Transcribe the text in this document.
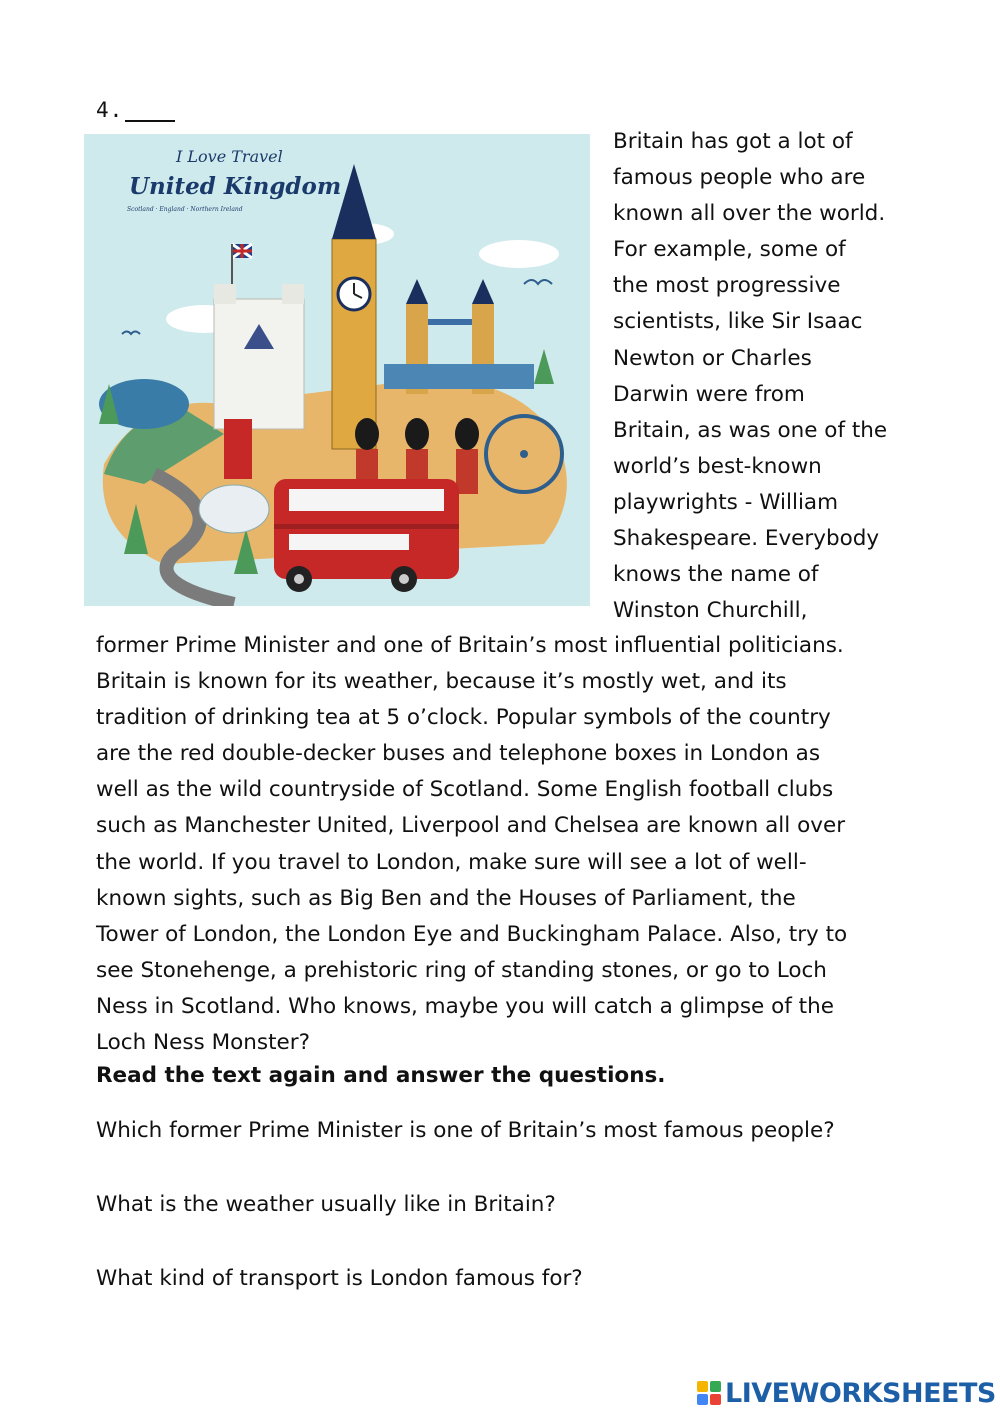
4.
I Love Travel
United Kingdom
Scotland · England · Northern Ireland

Britain has got a lot of
famous people who are
known all over the world.
For example, some of
the most progressive
scientists, like Sir Isaac
Newton or Charles
Darwin were from
Britain, as was one of the
world’s best-known
playwrights - William
Shakespeare. Everybody
knows the name of
Winston Churchill,

former Prime Minister and one of Britain’s most influential politicians.
Britain is known for its weather, because it’s mostly wet, and its
tradition of drinking tea at 5 o’clock. Popular symbols of the country
are the red double-decker buses and telephone boxes in London as
well as the wild countryside of Scotland. Some English football clubs
such as Manchester United, Liverpool and Chelsea are known all over
the world. If you travel to London, make sure will see a lot of well-
known sights, such as Big Ben and the Houses of Parliament, the
Tower of London, the London Eye and Buckingham Palace. Also, try to
see Stonehenge, a prehistoric ring of standing stones, or go to Loch
Ness in Scotland. Who knows, maybe you will catch a glimpse of the
Loch Ness Monster?

Read the text again and answer the questions.

Which former Prime Minister is one of Britain’s most famous people?

What is the weather usually like in Britain?

What kind of transport is London famous for?

LIVEWORKSHEETS
